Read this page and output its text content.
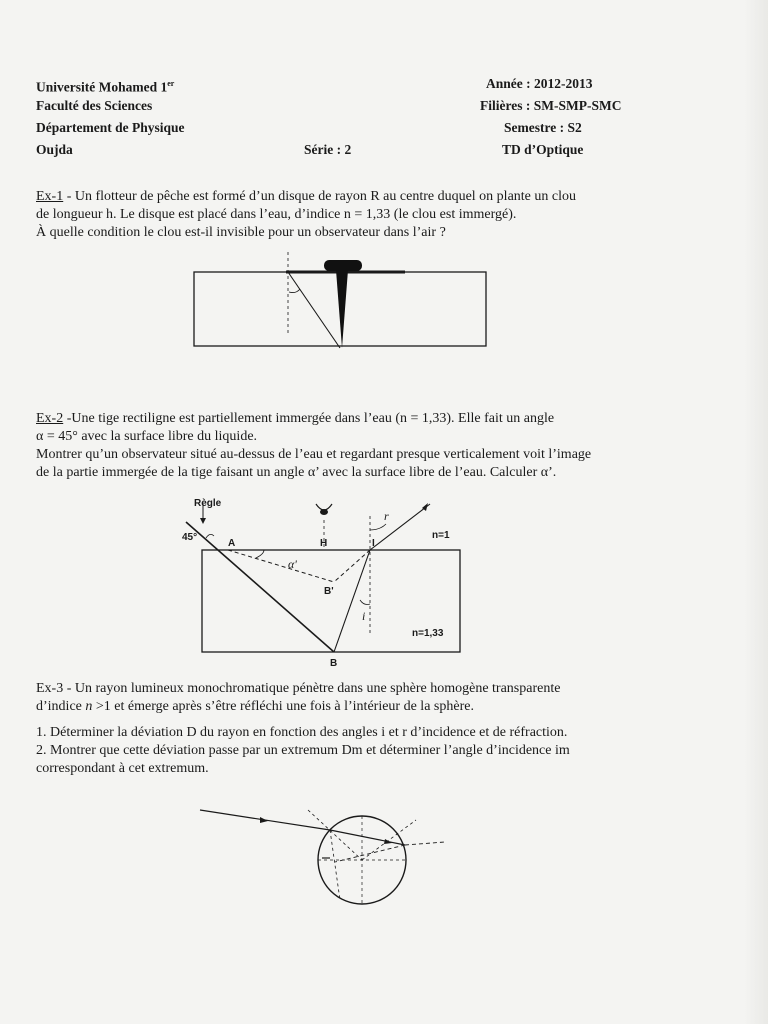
Université Mohamed 1er
Faculté des Sciences
Département de Physique
Oujda	Série : 2
Année : 2012-2013
Filières : SM-SMP-SMC
Semestre : S2
TD d’Optique

Ex-1 - Un flotteur de pêche est formé d’un disque de rayon R au centre duquel on plante un clou

de longueur h. Le disque est placé dans l’eau, d’indice n = 1,33 (le clou est immergé).

À quelle condition le clou est-il invisible pour un observateur dans l’air ?

Ex-2 -Une tige rectiligne est partiellement immergée dans l’eau (n = 1,33). Elle fait un angle

α = 45° avec la surface libre du liquide.

Montrer qu’un observateur situé au-dessus de l’eau et regardant presque verticalement voit l’image

de la partie immergée de la tige faisant un angle α’ avec la surface libre de l’eau. Calculer α’.

Règle
45°
A	H	I
B'
B
n=1
n=1,33
α'
r
i

Ex-3 - Un rayon lumineux monochromatique pénètre dans une sphère homogène transparente

d’indice n >1 et émerge après s’être réfléchi une fois à l’intérieur de la sphère.

1. Déterminer la déviation D du rayon en fonction des angles i et r d’incidence et de réfraction.

2. Montrer que cette déviation passe par un extremum Dm et déterminer l’angle d’incidence im

correspondant à cet extremum.
